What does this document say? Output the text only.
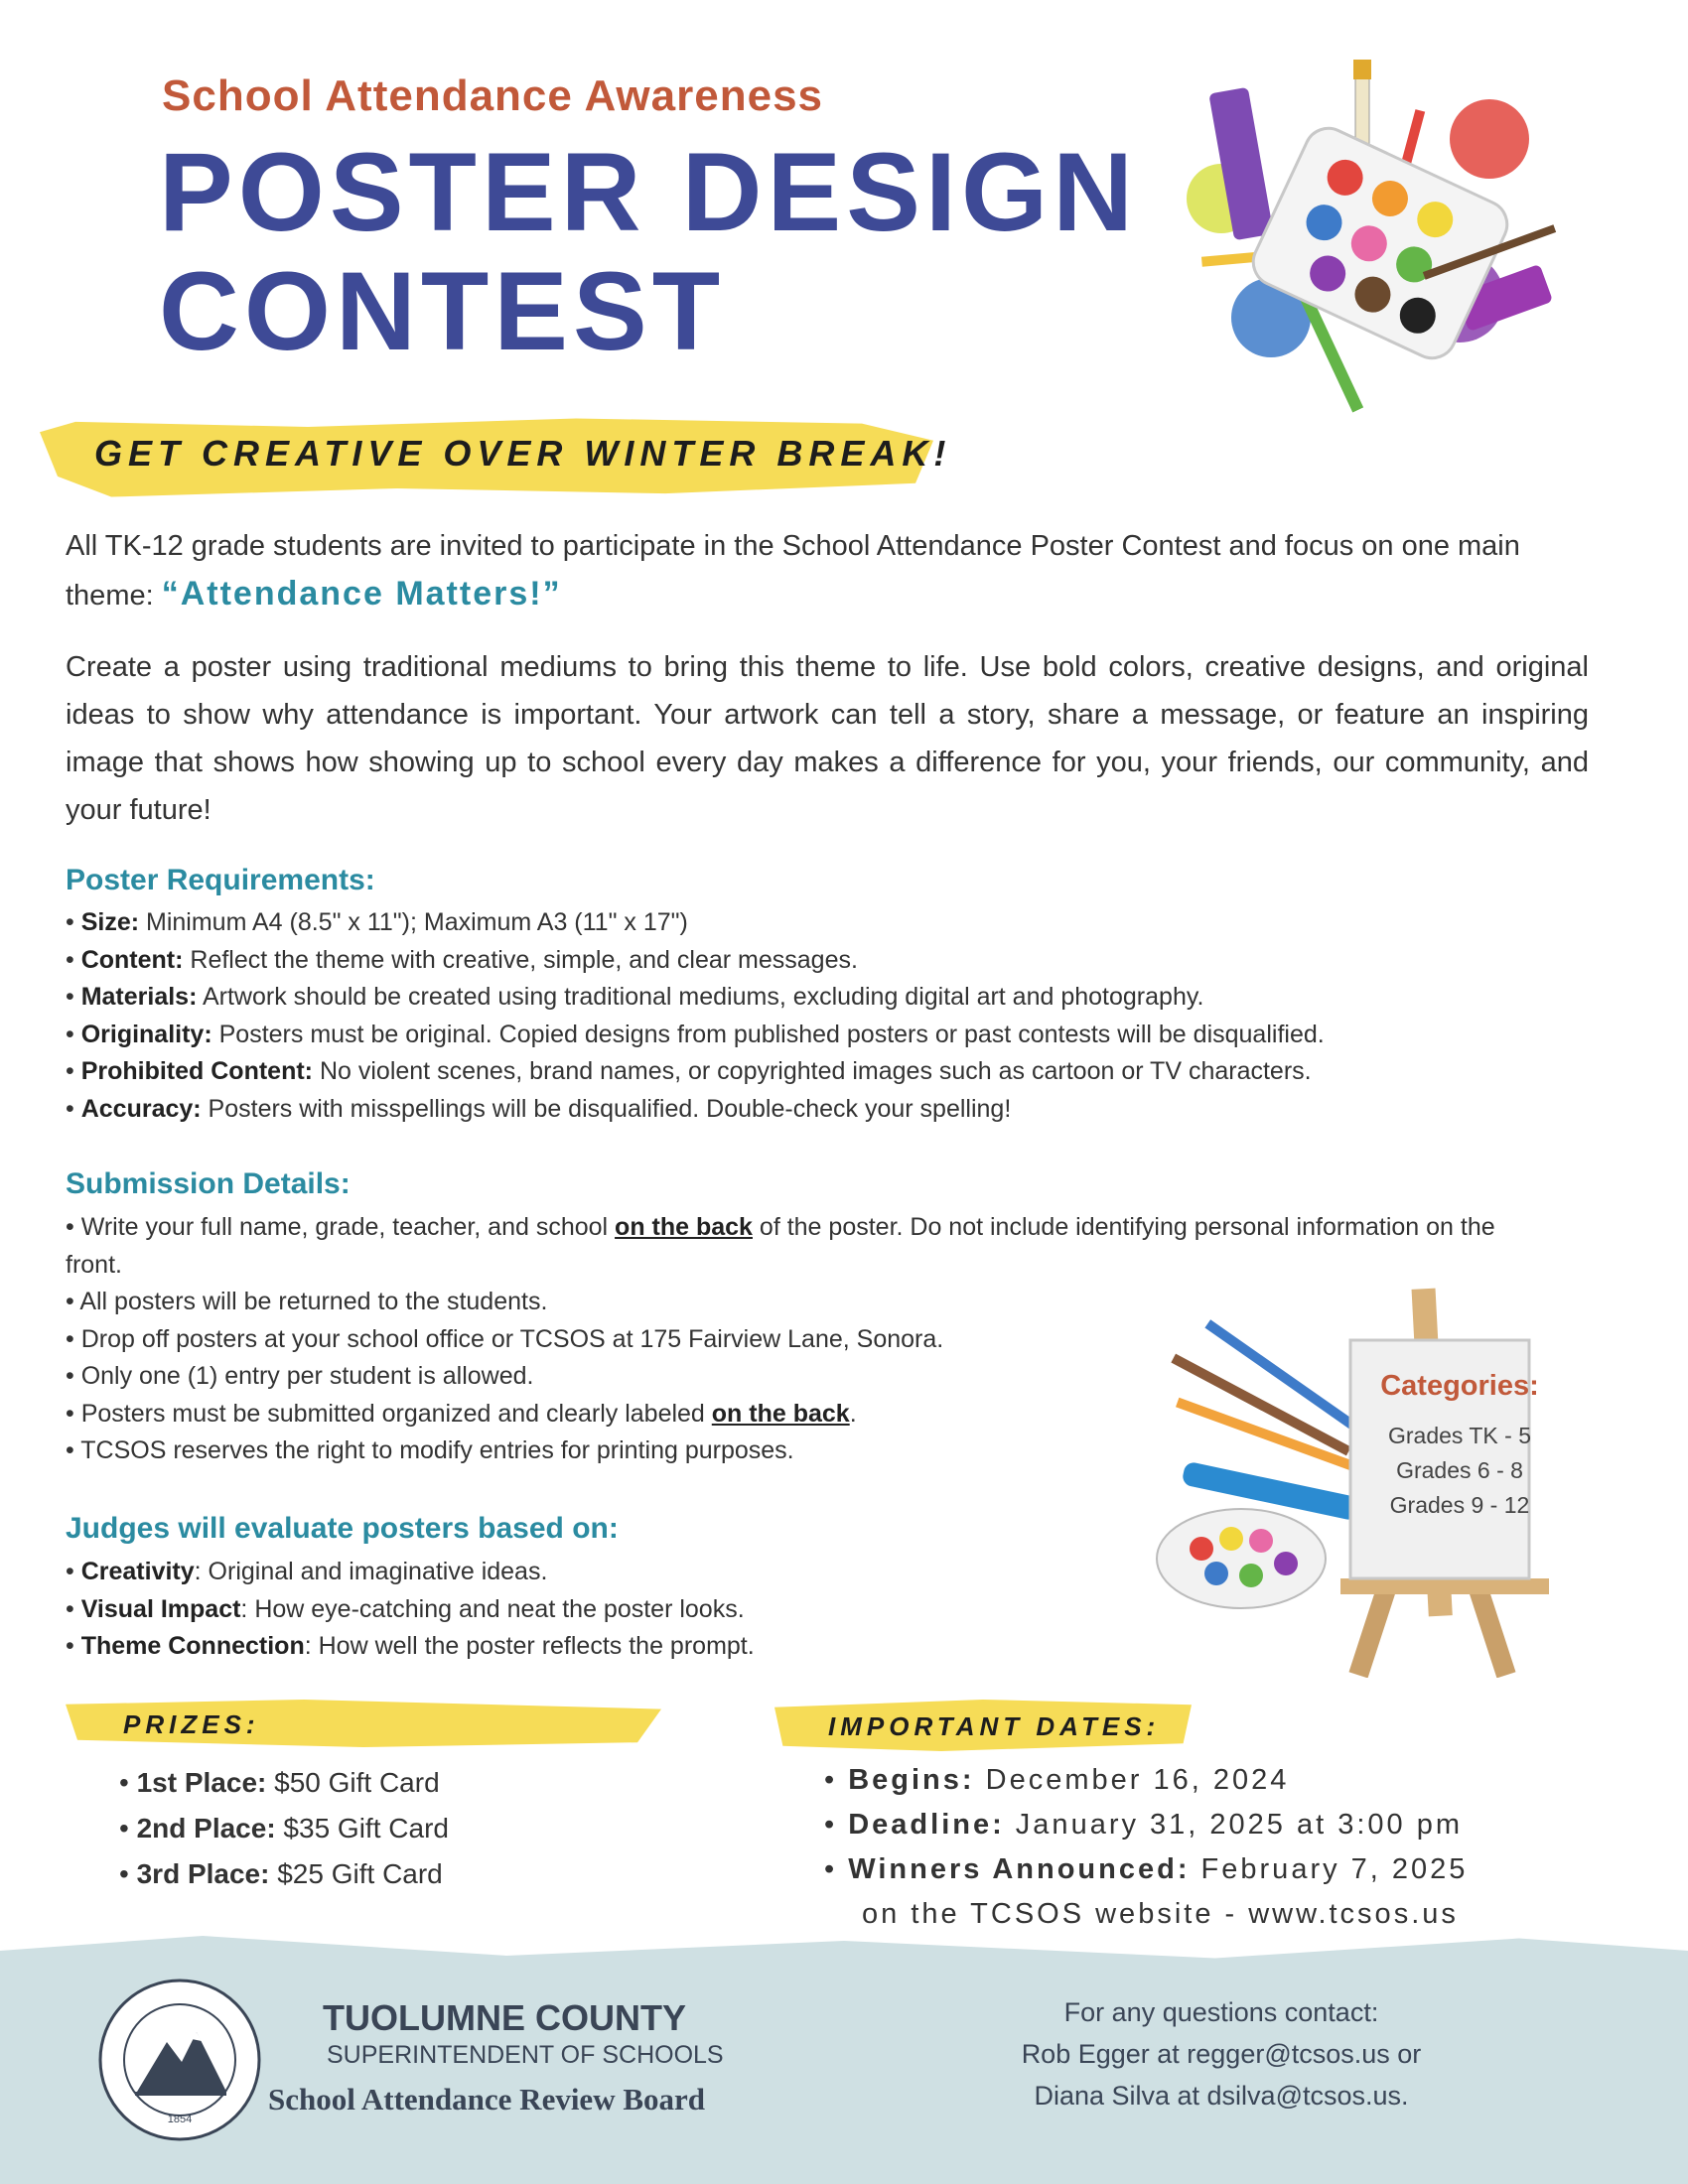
School Attendance Awareness
POSTER DESIGN
CONTEST
GET CREATIVE OVER WINTER BREAK!

All TK-12 grade students are invited to participate in the School Attendance Poster Contest and focus on one main theme: “Attendance Matters!”

Create a poster using traditional mediums to bring this theme to life. Use bold colors, creative designs, and original ideas to show why attendance is important. Your artwork can tell a story, share a message, or feature an inspiring image that shows how showing up to school every day makes a difference for you, your friends, our community, and your future!

Poster Requirements:
• Size: Minimum A4 (8.5" x 11"); Maximum A3 (11" x 17")
• Content: Reflect the theme with creative, simple, and clear messages.
• Materials: Artwork should be created using traditional mediums, excluding digital art and photography.
• Originality: Posters must be original. Copied designs from published posters or past contests will be disqualified.
• Prohibited Content: No violent scenes, brand names, or copyrighted images such as cartoon or TV characters.
• Accuracy: Posters with misspellings will be disqualified. Double-check your spelling!
Submission Details:
• Write your full name, grade, teacher, and school on the back of the poster. Do not include identifying personal information on the front.
• All posters will be returned to the students.
• Drop off posters at your school office or TCSOS at 175 Fairview Lane, Sonora.
• Only one (1) entry per student is allowed.
• Posters must be submitted organized and clearly labeled on the back.
• TCSOS reserves the right to modify entries for printing purposes.
Judges will evaluate posters based on:
• Creativity: Original and imaginative ideas.
• Visual Impact: How eye-catching and neat the poster looks.
• Theme Connection: How well the poster reflects the prompt.
Categories:
Grades TK - 5
Grades 6 - 8
Grades 9 - 12
PRIZES:
• 1st Place: $50 Gift Card
• 2nd Place: $35 Gift Card
• 3rd Place: $25 Gift Card
IMPORTANT DATES:
• Begins: December 16, 2024
• Deadline: January 31, 2025 at 3:00 pm
• Winners Announced: February 7, 2025
on the TCSOS website - www.tcsos.us
1854
TUOLUMNE COUNTY
SUPERINTENDENT OF SCHOOLS
School Attendance Review Board
For any questions contact:
Rob Egger at regger@tcsos.us or
Diana Silva at dsilva@tcsos.us.
